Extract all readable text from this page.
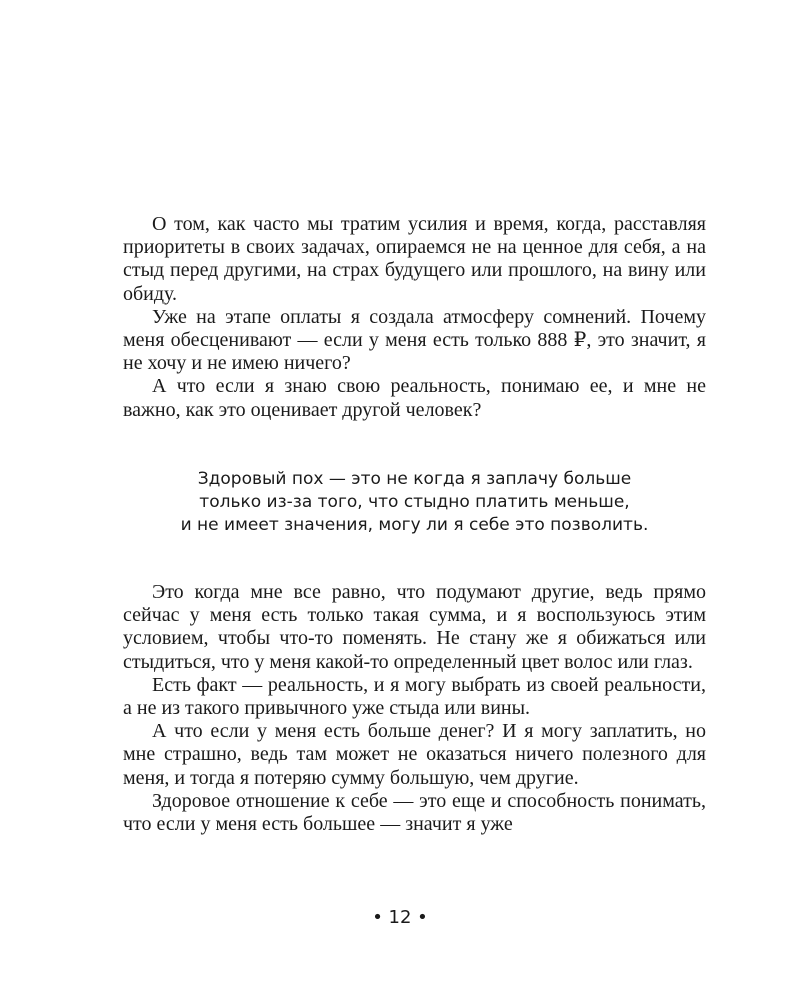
О том, как часто мы тратим усилия и время, когда, расставляя приоритеты в своих задачах, опираемся не на ценное для себя, а на стыд перед другими, на страх будущего или прошлого, на вину или обиду.

Уже на этапе оплаты я создала атмосферу сомнений. Почему меня обесценивают — если у меня есть только 888 ₽, это значит, я не хочу и не имею ничего?

А что если я знаю свою реальность, понимаю ее, и мне не важно, как это оценивает другой человек?

Здоровый пох — это не когда я заплачу больше
только из-за того, что стыдно платить меньше,
и не имеет значения, могу ли я себе это позволить.

Это когда мне все равно, что подумают другие, ведь прямо сейчас у меня есть только такая сумма, и я воспользуюсь этим условием, чтобы что-то поменять. Не стану же я обижаться или стыдиться, что у меня какой-то определенный цвет волос или глаз.

Есть факт — реальность, и я могу выбрать из своей реальности, а не из такого привычного уже стыда или вины.

А что если у меня есть больше денег? И я могу заплатить, но мне страшно, ведь там может не оказаться ничего полезного для меня, и тогда я потеряю сумму большую, чем другие.

Здоровое отношение к себе — это еще и способность понимать, что если у меня есть большее — значит я уже

• 12 •
